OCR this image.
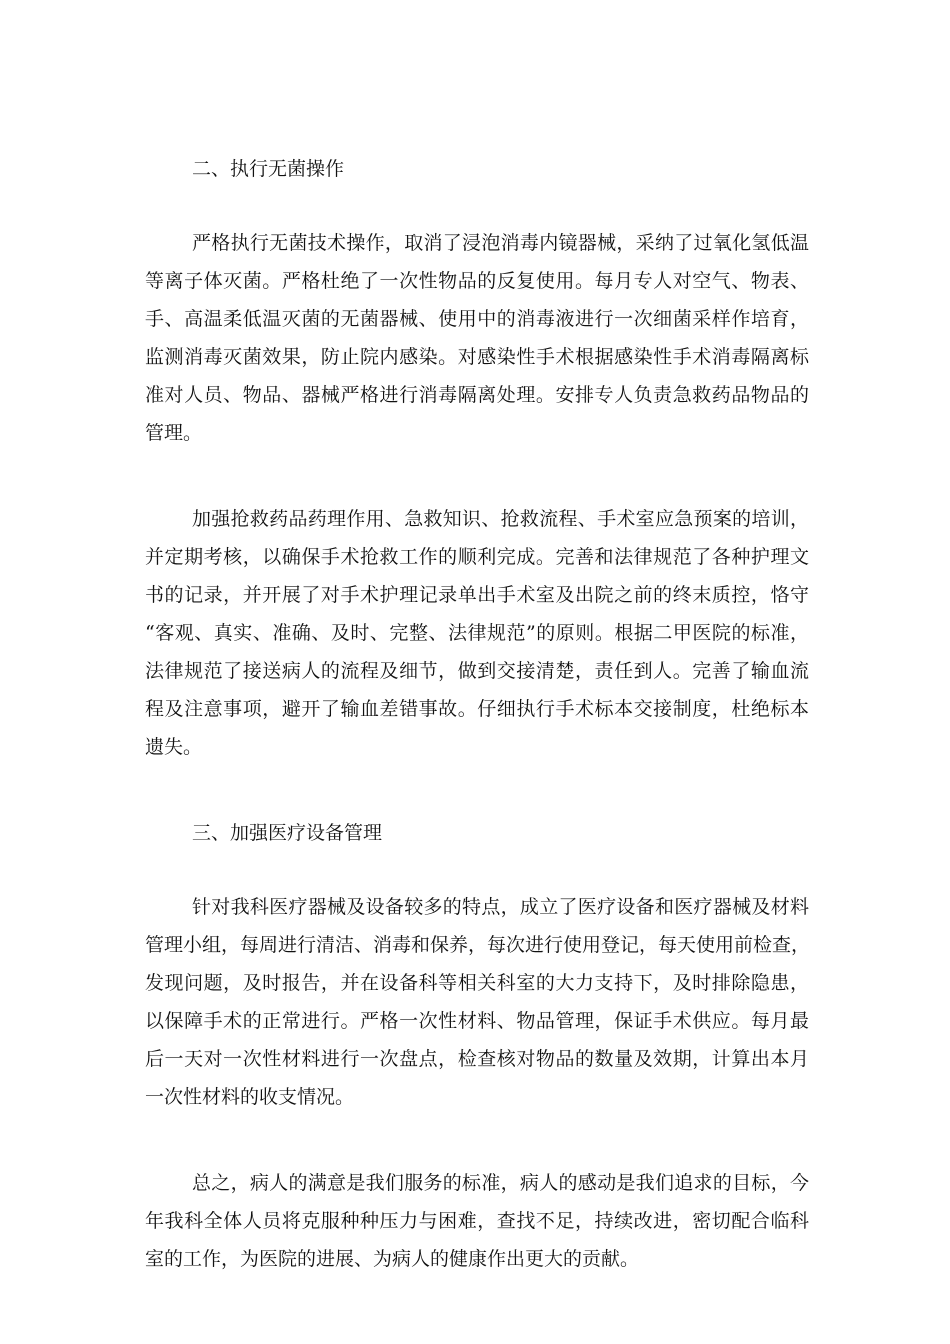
二、执行无菌操作

严格执行无菌技术操作，取消了浸泡消毒内镜器械，采纳了过氧化氢低温
等离子体灭菌。严格杜绝了一次性物品的反复使用。每月专人对空气、物表、
手、高温柔低温灭菌的无菌器械、使用中的消毒液进行一次细菌采样作培育，
监测消毒灭菌效果，防止院内感染。对感染性手术根据感染性手术消毒隔离标
准对人员、物品、器械严格进行消毒隔离处理。安排专人负责急救药品物品的
管理。

加强抢救药品药理作用、急救知识、抢救流程、手术室应急预案的培训，
并定期考核，以确保手术抢救工作的顺利完成。完善和法律规范了各种护理文
书的记录，并开展了对手术护理记录单出手术室及出院之前的终末质控，恪守
“客观、真实、准确、及时、完整、法律规范”的原则。根据二甲医院的标准，
法律规范了接送病人的流程及细节，做到交接清楚，责任到人。完善了输血流
程及注意事项，避开了输血差错事故。仔细执行手术标本交接制度，杜绝标本
遗失。

三、加强医疗设备管理

针对我科医疗器械及设备较多的特点，成立了医疗设备和医疗器械及材料
管理小组，每周进行清洁、消毒和保养，每次进行使用登记，每天使用前检查，
发现问题，及时报告，并在设备科等相关科室的大力支持下，及时排除隐患，
以保障手术的正常进行。严格一次性材料、物品管理，保证手术供应。每月最
后一天对一次性材料进行一次盘点，检查核对物品的数量及效期，计算出本月
一次性材料的收支情况。

总之，病人的满意是我们服务的标准，病人的感动是我们追求的目标，今
年我科全体人员将克服种种压力与困难，查找不足，持续改进，密切配合临科
室的工作，为医院的进展、为病人的健康作出更大的贡献。
